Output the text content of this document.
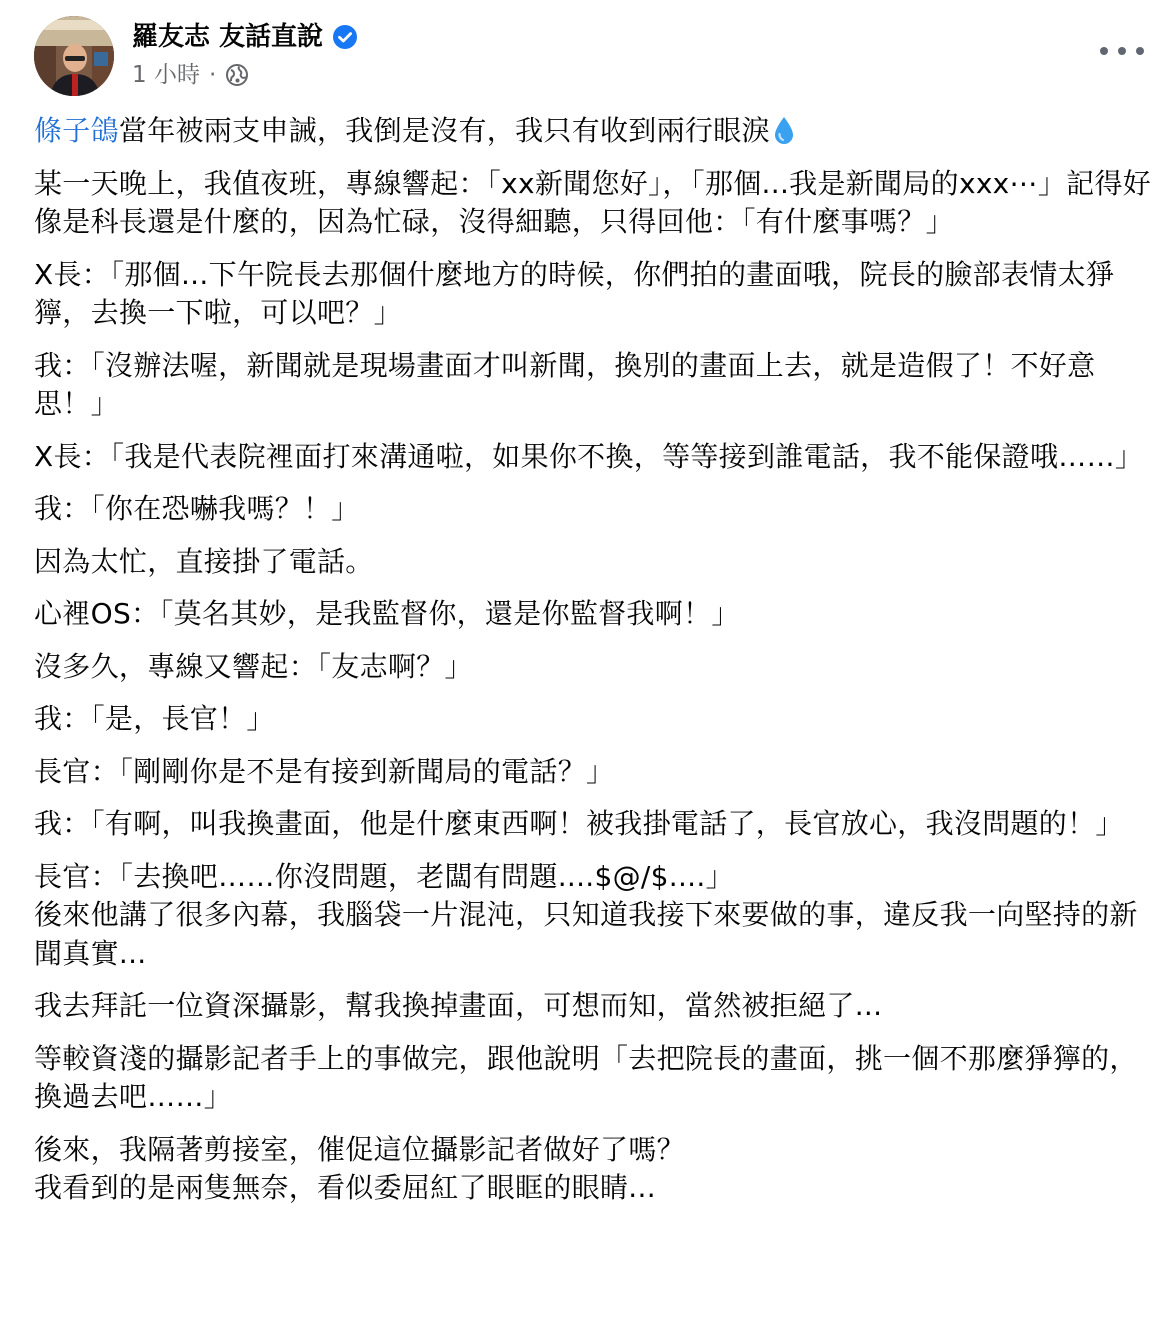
羅友志 友話直說
1 小時 ·

條子鴿當年被兩支申誡，我倒是沒有，我只有收到兩行眼淚

某一天晚上，我值夜班，專線響起：「xx新聞您好」，「那個...我是新聞局的xxx⋯」記得好像是科長還是什麼的，因為忙碌，沒得細聽，只得回他：「有什麼事嗎？」

X長：「那個...下午院長去那個什麼地方的時候，你們拍的畫面哦，院長的臉部表情太猙獰，去換一下啦，可以吧？」

我：「沒辦法喔，新聞就是現場畫面才叫新聞，換別的畫面上去，就是造假了！不好意思！」

X長：「我是代表院裡面打來溝通啦，如果你不換，等等接到誰電話，我不能保證哦……」

我：「你在恐嚇我嗎？！」

因為太忙，直接掛了電話。

心裡OS：「莫名其妙，是我監督你，還是你監督我啊！」

沒多久，專線又響起：「友志啊？」

我：「是，長官！」

長官：「剛剛你是不是有接到新聞局的電話？」

我：「有啊，叫我換畫面，他是什麼東西啊！被我掛電話了，長官放心，我沒問題的！」

長官：「去換吧……你沒問題，老闆有問題....$@/$....」

後來他講了很多內幕，我腦袋一片混沌，只知道我接下來要做的事，違反我一向堅持的新聞真實...

我去拜託一位資深攝影，幫我換掉畫面，可想而知，當然被拒絕了...

等較資淺的攝影記者手上的事做完，跟他說明「去把院長的畫面，挑一個不那麼猙獰的，換過去吧……」

後來，我隔著剪接室，催促這位攝影記者做好了嗎？

我看到的是兩隻無奈，看似委屈紅了眼眶的眼睛...
